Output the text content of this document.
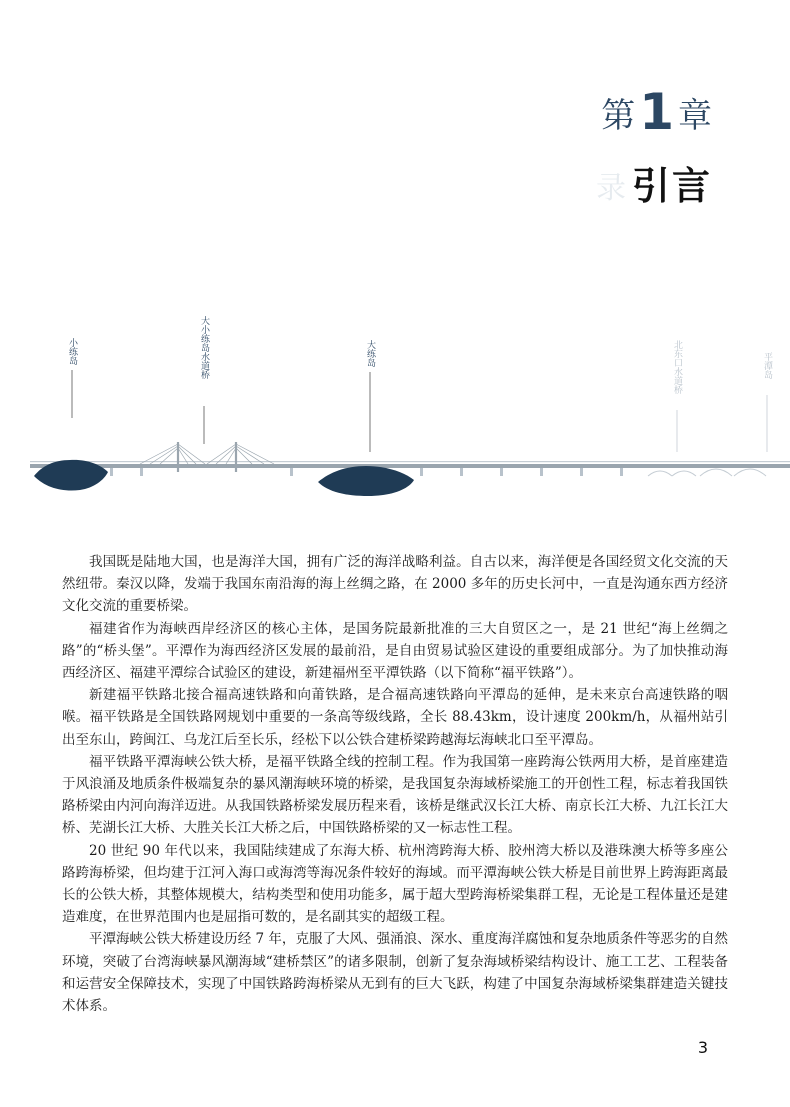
第 1 章
录 引言
小练岛	大小练岛水道桥	大练岛	北东口水道桥	平潭岛

我国既是陆地大国，也是海洋大国，拥有广泛的海洋战略利益。自古以来，海洋便是各国经贸文化交流的天然纽带。秦汉以降，发端于我国东南沿海的海上丝绸之路，在 2000 多年的历史长河中，一直是沟通东西方经济文化交流的重要桥梁。

福建省作为海峡西岸经济区的核心主体，是国务院最新批准的三大自贸区之一，是 21 世纪“海上丝绸之路”的“桥头堡”。平潭作为海西经济区发展的最前沿，是自由贸易试验区建设的重要组成部分。为了加快推动海西经济区、福建平潭综合试验区的建设，新建福州至平潭铁路（以下简称“福平铁路”）。

新建福平铁路北接合福高速铁路和向莆铁路，是合福高速铁路向平潭岛的延伸，是未来京台高速铁路的咽喉。福平铁路是全国铁路网规划中重要的一条高等级线路，全长 88.43km，设计速度 200km/h，从福州站引出至东山，跨闽江、乌龙江后至长乐，经松下以公铁合建桥梁跨越海坛海峡北口至平潭岛。

福平铁路平潭海峡公铁大桥，是福平铁路全线的控制工程。作为我国第一座跨海公铁两用大桥，是首座建造于风浪涌及地质条件极端复杂的暴风潮海峡环境的桥梁，是我国复杂海域桥梁施工的开创性工程，标志着我国铁路桥梁由内河向海洋迈进。从我国铁路桥梁发展历程来看，该桥是继武汉长江大桥、南京长江大桥、九江长江大桥、芜湖长江大桥、大胜关长江大桥之后，中国铁路桥梁的又一标志性工程。

20 世纪 90 年代以来，我国陆续建成了东海大桥、杭州湾跨海大桥、胶州湾大桥以及港珠澳大桥等多座公路跨海桥梁，但均建于江河入海口或海湾等海况条件较好的海域。而平潭海峡公铁大桥是目前世界上跨海距离最长的公铁大桥，其整体规模大，结构类型和使用功能多，属于超大型跨海桥梁集群工程，无论是工程体量还是建造难度，在世界范围内也是屈指可数的，是名副其实的超级工程。

平潭海峡公铁大桥建设历经 7 年，克服了大风、强涌浪、深水、重度海洋腐蚀和复杂地质条件等恶劣的自然环境，突破了台湾海峡暴风潮海域“建桥禁区”的诸多限制，创新了复杂海域桥梁结构设计、施工工艺、工程装备和运营安全保障技术，实现了中国铁路跨海桥梁从无到有的巨大飞跃，构建了中国复杂海域桥梁集群建造关键技术体系。

3
